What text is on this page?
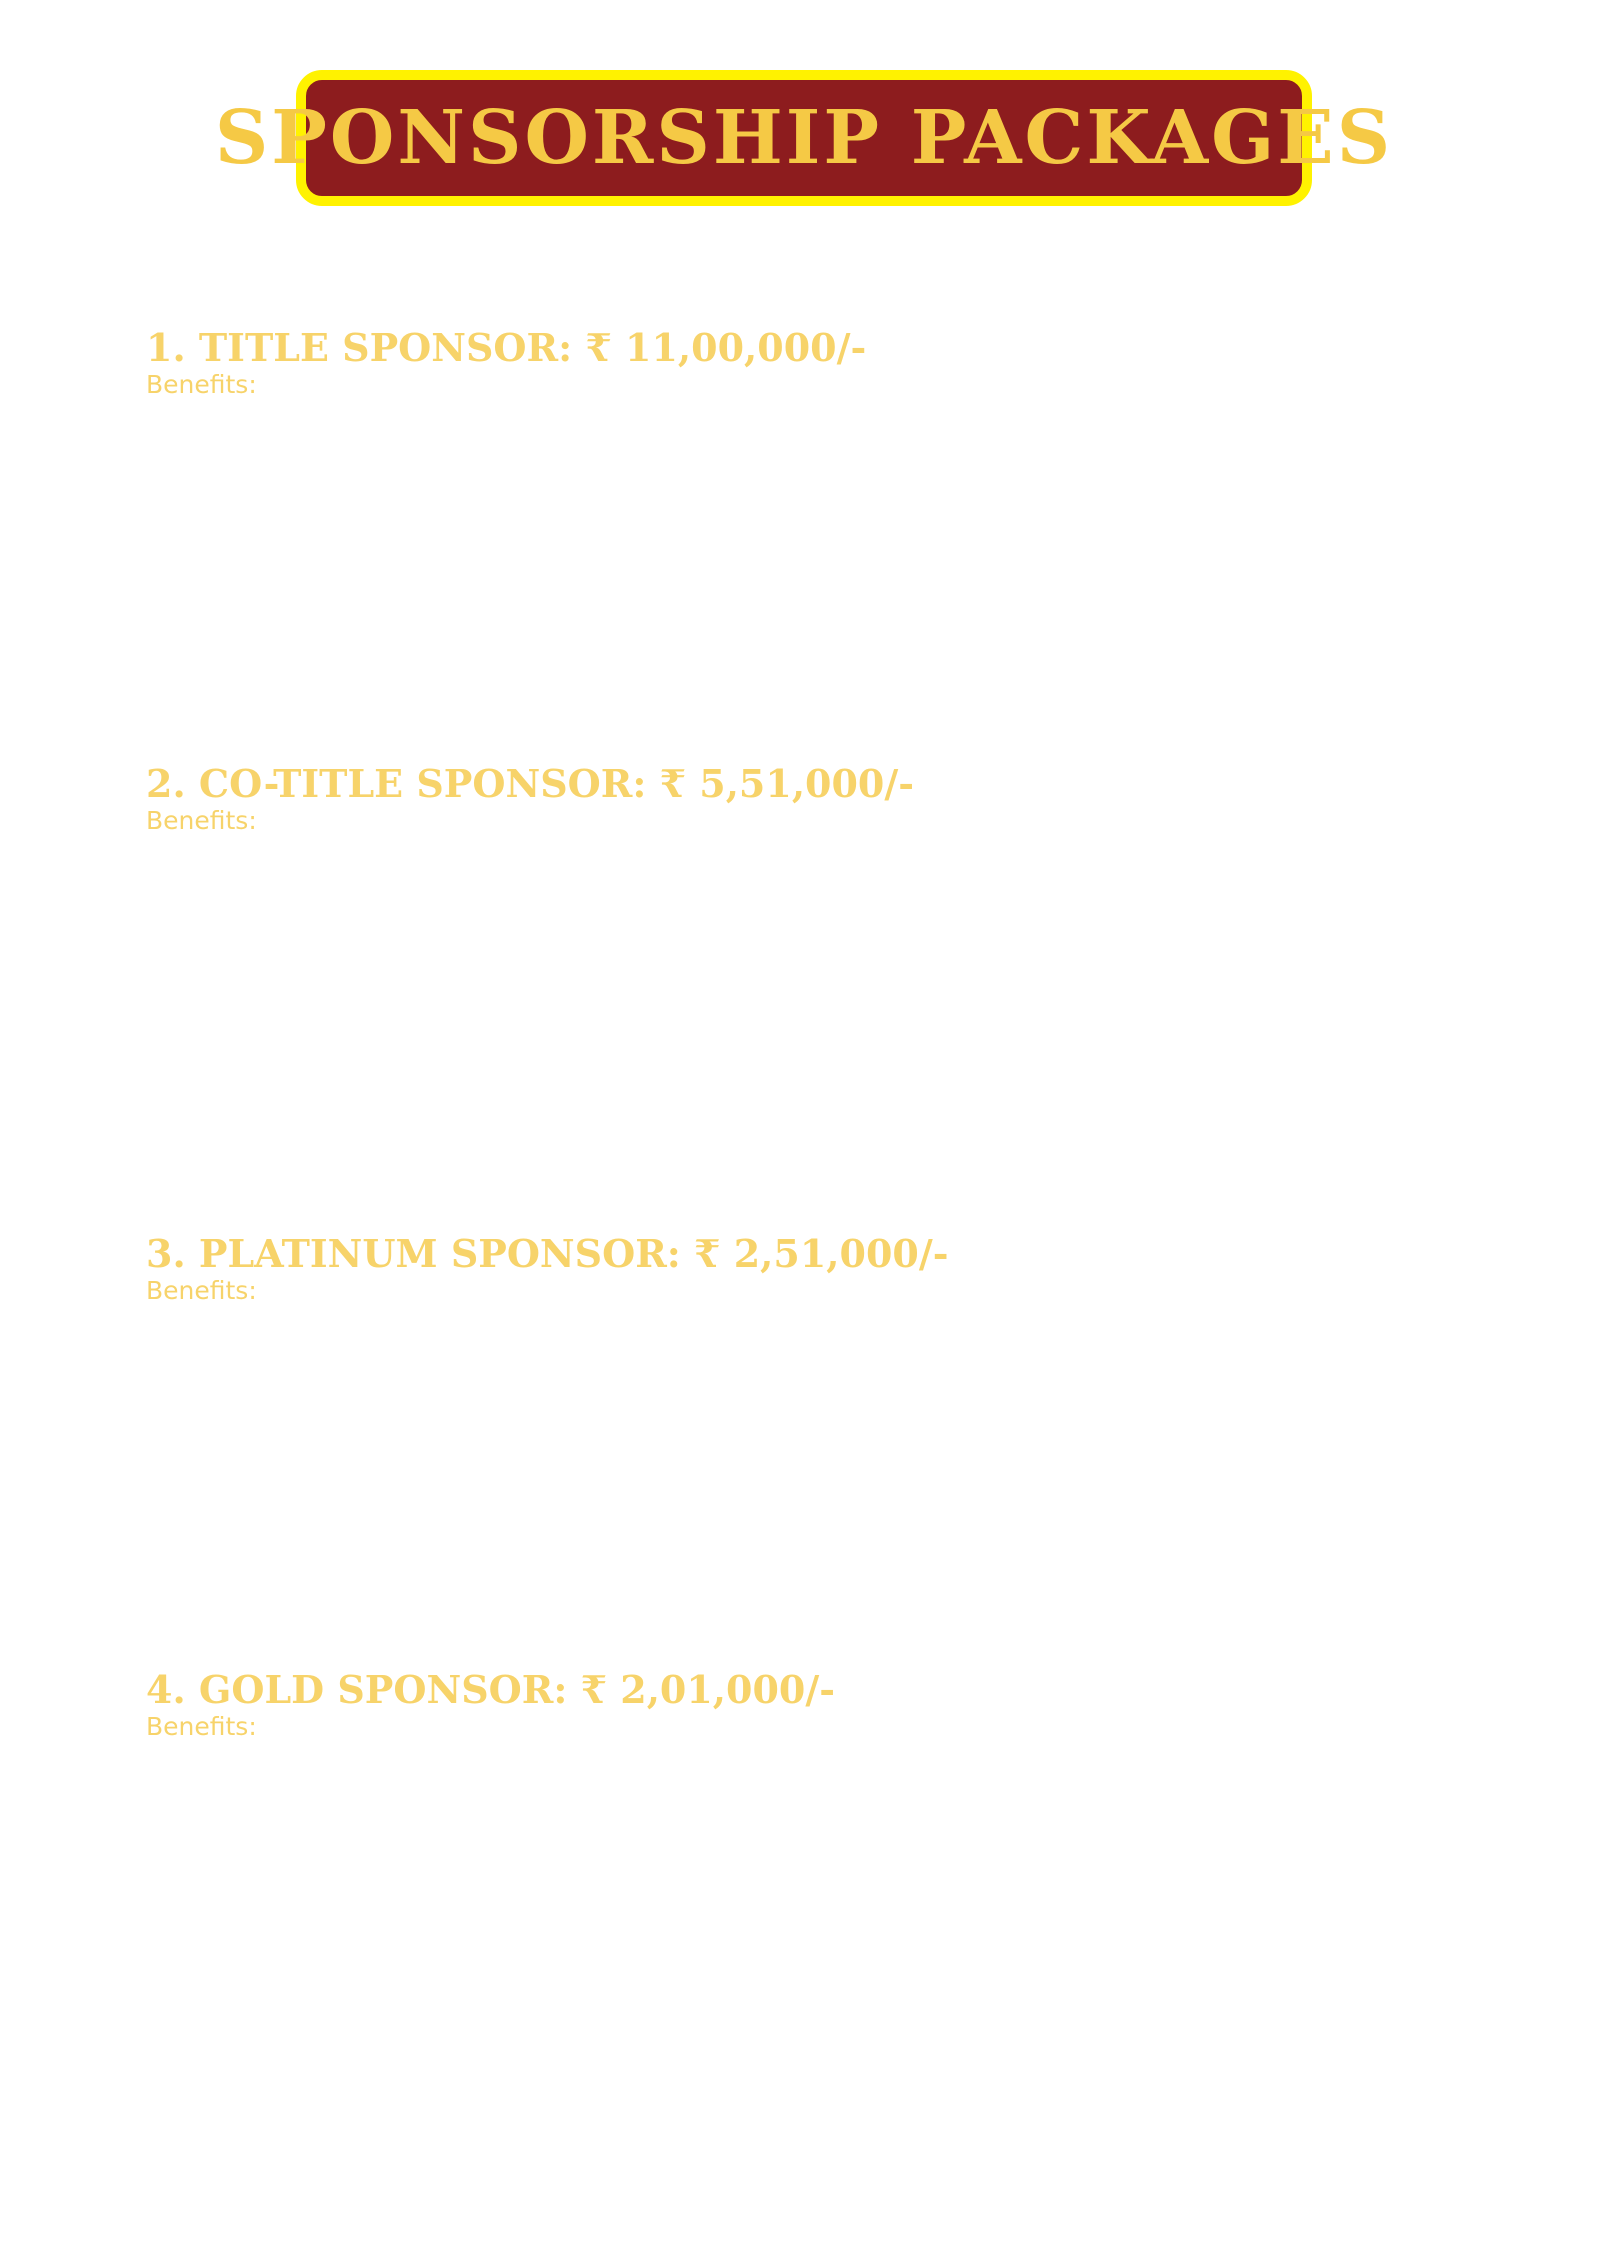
SPONSORSHIP PACKAGES
1. TITLE SPONSOR: ₹ 11,00,000/-
Benefits:
2. CO-TITLE SPONSOR: ₹ 5,51,000/-
Benefits:
3. PLATINUM SPONSOR: ₹ 2,51,000/-
Benefits:
4. GOLD SPONSOR: ₹ 2,01,000/-
Benefits:
